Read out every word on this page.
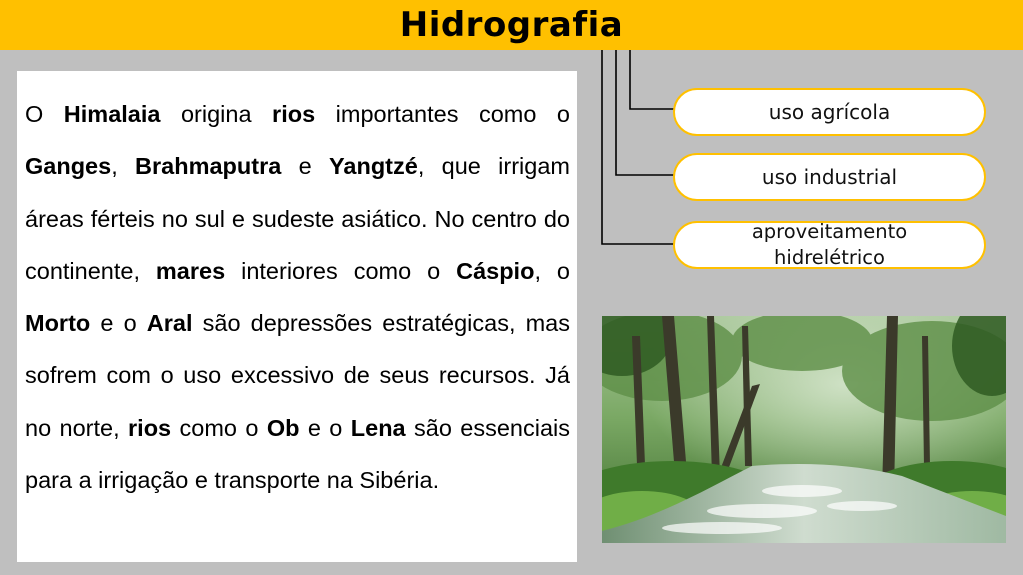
Hidrografia

O Himalaia origina rios importantes como o Ganges, Brahmaputra e Yangtzé, que irrigam áreas férteis no sul e sudeste asiático. No centro do continente, mares interiores como o Cáspio, o Morto e o Aral são depressões estratégicas, mas sofrem com o uso excessivo de seus recursos. Já no norte, rios como o Ob e o Lena são essenciais para a irrigação e transporte na Sibéria.

uso agrícola
uso industrial
aproveitamento hidrelétrico
